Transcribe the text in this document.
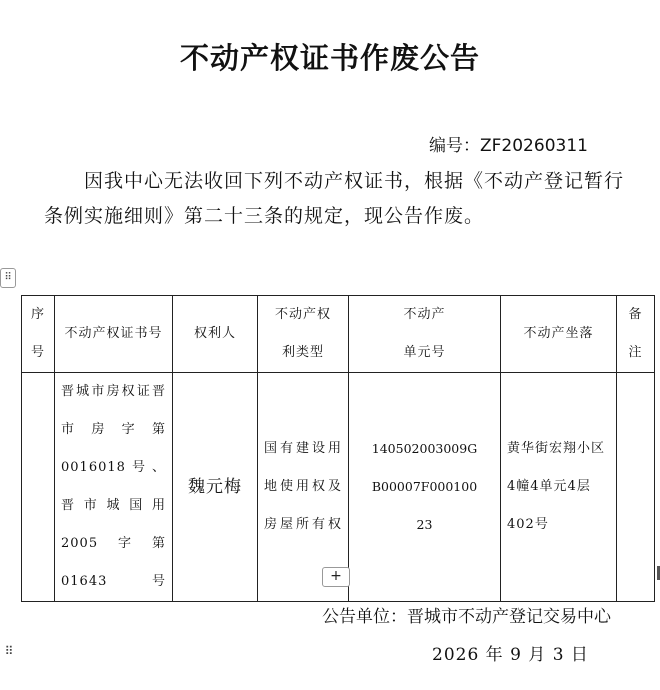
不动产权证书作废公告
编号：ZF20260311
因我中心无法收回下列不动产权证书，根据《不动产登记暂行条例实施细则》第二十三条的规定，现公告作废。
⠿
序号	不动产权证书号	权利人	不动产权利类型	不动产单元号	不动产坐落	备注

	晋城市房权证晋市房字第0016018号、晋市城国用2005字第01643号	魏元梅	国有建设用地使用权及房屋所有权	140502003009GB00007F00010023	黄华街宏翔小区4幢4单元4层402号	
+
公告单位：晋城市不动产登记交易中心
⠿	2026 年 9 月 3 日
